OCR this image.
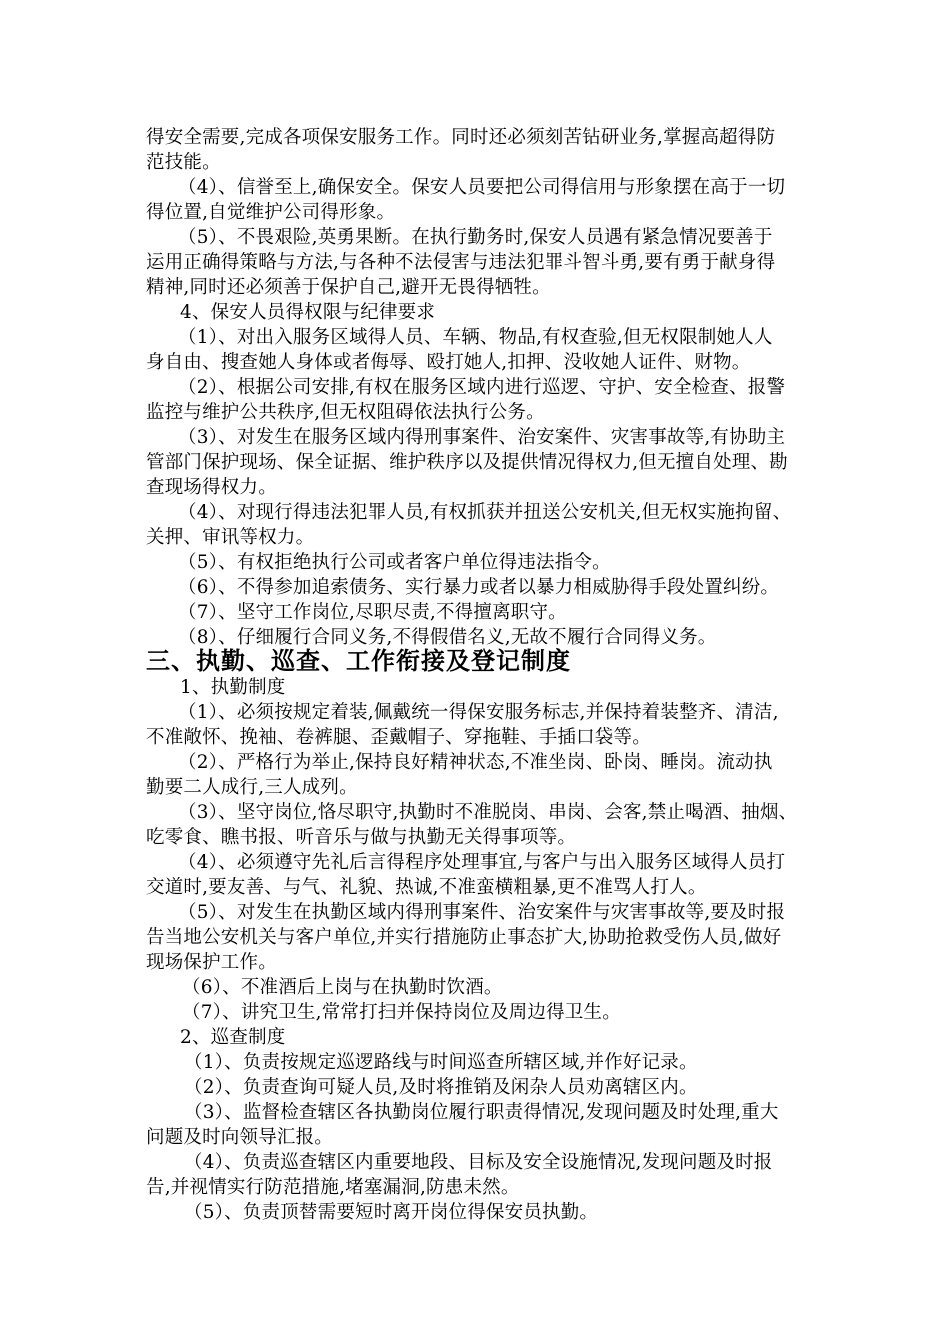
得安全需要,完成各项保安服务工作。同时还必须刻苦钻研业务,掌握高超得防
范技能。
（4）、信誉至上,确保安全。保安人员要把公司得信用与形象摆在高于一切
得位置,自觉维护公司得形象。
（5）、不畏艰险,英勇果断。在执行勤务时,保安人员遇有紧急情况要善于
运用正确得策略与方法,与各种不法侵害与违法犯罪斗智斗勇,要有勇于献身得
精神,同时还必须善于保护自己,避开无畏得牺牲。
4、保安人员得权限与纪律要求
（1）、对出入服务区域得人员、车辆、物品,有权查验,但无权限制她人人
身自由、搜查她人身体或者侮辱、殴打她人,扣押、没收她人证件、财物。
（2）、根据公司安排,有权在服务区域内进行巡逻、守护、安全检查、报警
监控与维护公共秩序,但无权阻碍依法执行公务。
（3）、对发生在服务区域内得刑事案件、治安案件、灾害事故等,有协助主
管部门保护现场、保全证据、维护秩序以及提供情况得权力,但无擅自处理、勘
查现场得权力。
（4）、对现行得违法犯罪人员,有权抓获并扭送公安机关,但无权实施拘留、
关押、审讯等权力。
（5）、有权拒绝执行公司或者客户单位得违法指令。
（6）、不得参加追索债务、实行暴力或者以暴力相威胁得手段处置纠纷。
（7）、坚守工作岗位,尽职尽责,不得擅离职守。
（8）、仔细履行合同义务,不得假借名义,无故不履行合同得义务。
三、执勤、巡查、工作衔接及登记制度
1、执勤制度
（1）、必须按规定着装,佩戴统一得保安服务标志,并保持着装整齐、清洁,
不准敞怀、挽袖、卷裤腿、歪戴帽子、穿拖鞋、手插口袋等。
（2）、严格行为举止,保持良好精神状态,不准坐岗、卧岗、睡岗。流动执
勤要二人成行,三人成列。
（3）、坚守岗位,恪尽职守,执勤时不准脱岗、串岗、会客,禁止喝酒、抽烟、
吃零食、瞧书报、听音乐与做与执勤无关得事项等。
（4）、必须遵守先礼后言得程序处理事宜,与客户与出入服务区域得人员打
交道时,要友善、与气、礼貌、热诚,不准蛮横粗暴,更不准骂人打人。
（5）、对发生在执勤区域内得刑事案件、治安案件与灾害事故等,要及时报
告当地公安机关与客户单位,并实行措施防止事态扩大,协助抢救受伤人员,做好
现场保护工作。
（6）、不准酒后上岗与在执勤时饮酒。
（7）、讲究卫生,常常打扫并保持岗位及周边得卫生。
2、巡查制度
（1）、负责按规定巡逻路线与时间巡查所辖区域,并作好记录。
（2）、负责查询可疑人员,及时将推销及闲杂人员劝离辖区内。
（3）、监督检查辖区各执勤岗位履行职责得情况,发现问题及时处理,重大
问题及时向领导汇报。
（4）、负责巡查辖区内重要地段、目标及安全设施情况,发现问题及时报
告,并视情实行防范措施,堵塞漏洞,防患未然。
（5）、负责顶替需要短时离开岗位得保安员执勤。
